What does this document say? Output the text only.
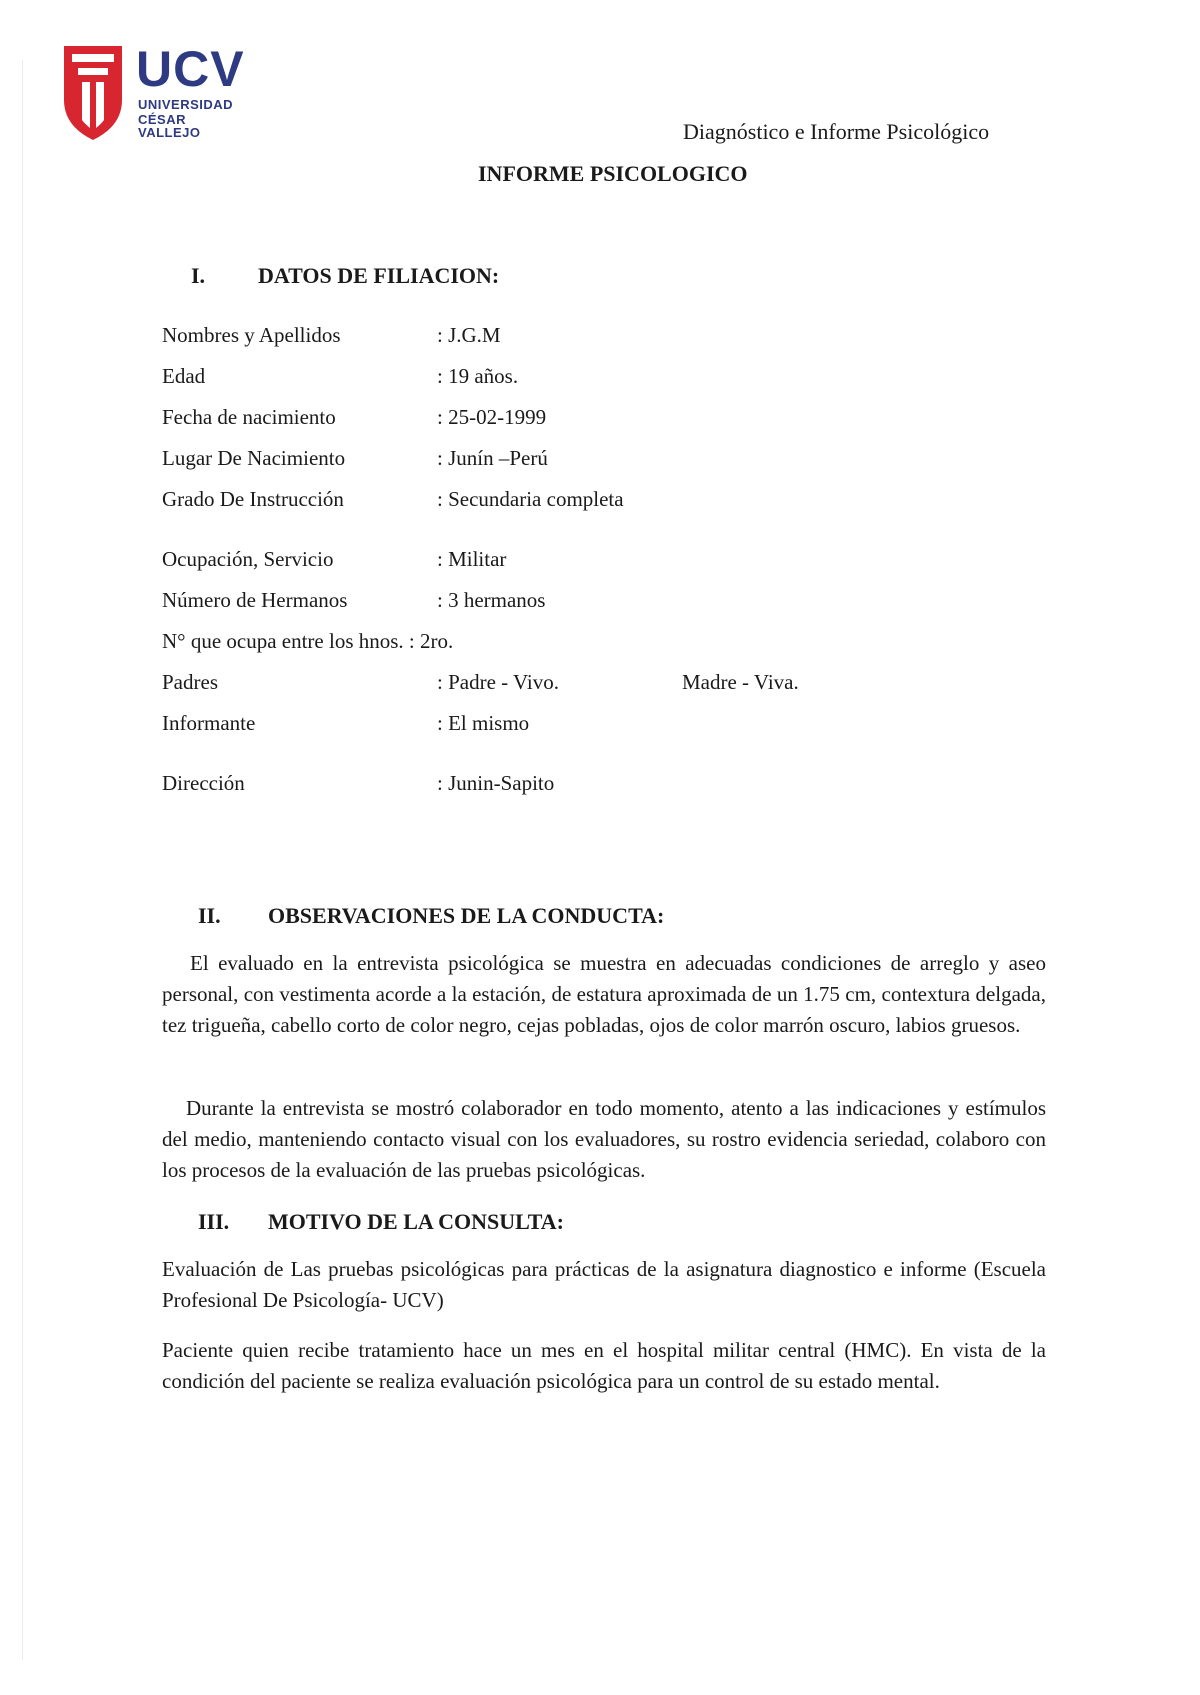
UCV
UNIVERSIDAD
CÉSAR VALLEJO	Diagnóstico e Informe Psicológico
INFORME PSICOLOGICO
I. DATOS DE FILIACION:
Nombres y Apellidos	: J.G.M
Edad	: 19 años.
Fecha de nacimiento	: 25-02-1999
Lugar De Nacimiento	: Junín –Perú
Grado De Instrucción	: Secundaria completa
Ocupación, Servicio	: Militar
Número de Hermanos	: 3 hermanos
N° que ocupa entre los hnos. : 2ro.
Padres	: Padre - Vivo.	Madre - Viva.
Informante	: El mismo
Dirección	: Junin-Sapito
II. OBSERVACIONES DE LA CONDUCTA:

El evaluado en la entrevista psicológica se muestra en adecuadas condiciones de arreglo y aseo personal, con vestimenta acorde a la estación, de estatura aproximada de un 1.75 cm, contextura delgada, tez trigueña, cabello corto de color negro, cejas pobladas, ojos de color marrón oscuro, labios gruesos.

Durante la entrevista se mostró colaborador en todo momento, atento a las indicaciones y estímulos del medio, manteniendo contacto visual con los evaluadores, su rostro evidencia seriedad, colaboro con los procesos de la evaluación de las pruebas psicológicas.

III. MOTIVO DE LA CONSULTA:

Evaluación de Las pruebas psicológicas para prácticas de la asignatura diagnostico e informe (Escuela Profesional De Psicología- UCV)

Paciente quien recibe tratamiento hace un mes en el hospital militar central (HMC). En vista de la condición del paciente se realiza evaluación psicológica para un control de su estado mental.
